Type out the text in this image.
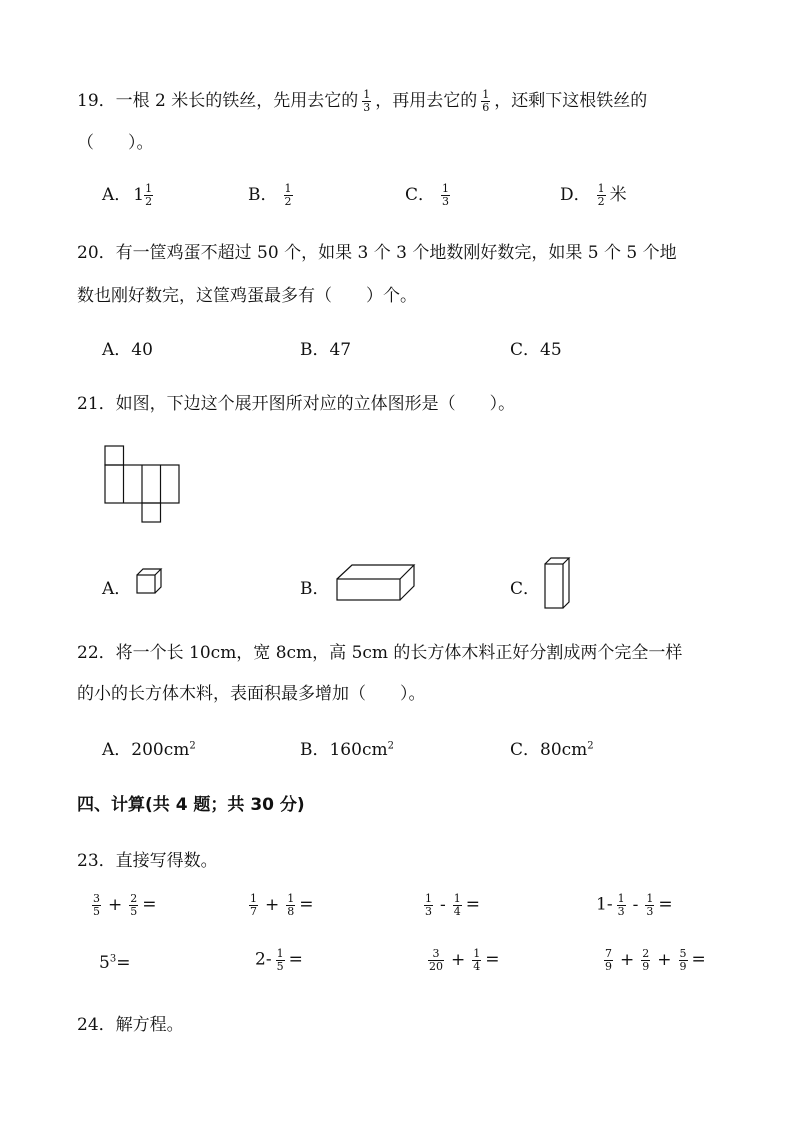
19．一根 2 米长的铁丝，先用去它的 $\frac{1}{3}$ ，再用去它的 $\frac{1}{6}$ ，还剩下这根铁丝的
（　　）。
A． $1 \frac{1}{2}$	B． $\frac{1}{2}$	C． $\frac{1}{3}$	D． $\frac{1}{2}$ 米
20．有一筐鸡蛋不超过 50 个，如果 3 个 3 个地数刚好数完，如果 5 个 5 个地
数也刚好数完，这筐鸡蛋最多有（　　）个。
A．40	B．47	C．45
21．如图，下边这个展开图所对应的立体图形是（　　）。
A．	B．	C．
22．将一个长 10cm，宽 8cm，高 5cm 的长方体木料正好分割成两个完全一样
的小的长方体木料，表面积最多增加（　　）。
A．$200cm^2$	B．$160cm^2$	C．$80cm^2$
四、计算(共 4 题；共 30 分)
23．直接写得数。
$\frac{3}{5} + \frac{2}{5}$ =	$\frac{1}{7} + \frac{1}{8}$ =	$\frac{1}{3} - \frac{1}{4}$ =	$1- \frac{1}{3} - \frac{1}{3}$ =
$5^3=$	$2- \frac{1}{5}$ =	$\frac{3}{20} + \frac{1}{4}$ =	$\frac{7}{9} + \frac{2}{9} + \frac{5}{9}$ =
24．解方程。
